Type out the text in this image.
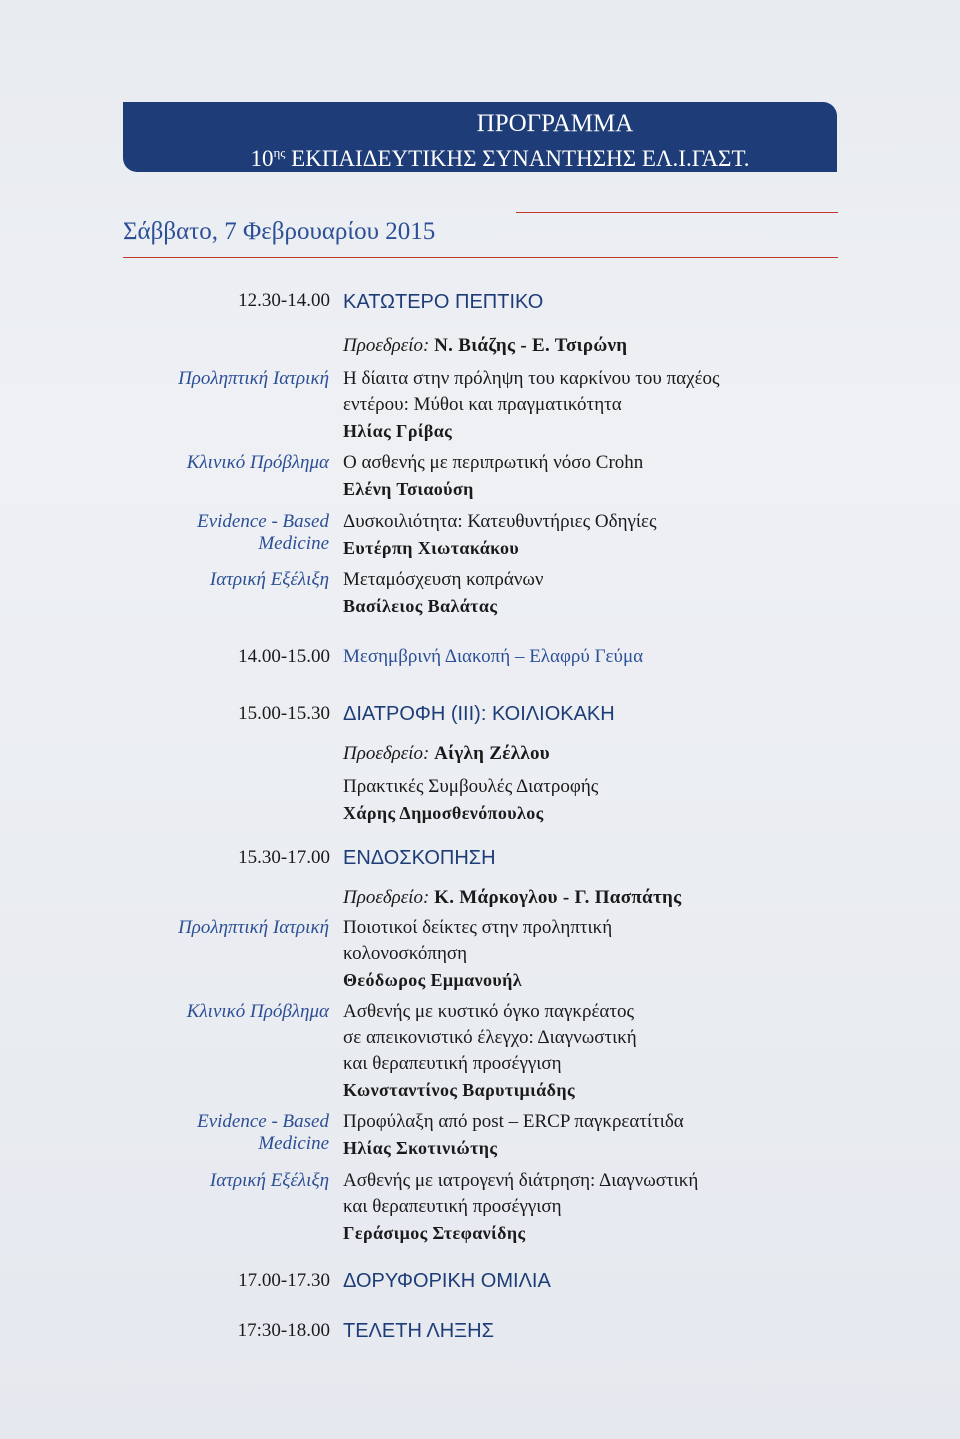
ΠΡΟΓΡΑΜΜΑ
$10^{\eta\varsigma}$ ΕΚΠΑΙΔΕΥΤΙΚΗΣ ΣΥΝΑΝΤΗΣΗΣ ΕΛ.Ι.ΓΑΣΤ.
Σάββατο, 7 Φεβρουαρίου 2015
12.30-14.00 ΚΑΤΩΤΕΡΟ ΠΕΠΤΙΚΟ
Προεδρείο: Ν. Βιάζης - Ε. Τσιρώνη
Προληπτική Ιατρική Η δίαιτα στην πρόληψη του καρκίνου του παχέος
εντέρου: Μύθοι και πραγματικότητα
Ηλίας Γρίβας
Κλινικό Πρόβλημα Ο ασθενής με περιπρωτική νόσο Crohn
Ελένη Τσιαούση
Evidence - Based
Medicine
Δυσκοιλιότητα: Κατευθυντήριες Οδηγίες
Ευτέρπη Χιωτακάκου
Ιατρική Εξέλιξη Μεταμόσχευση κοπράνων
Βασίλειος Βαλάτας
14.00-15.00 Μεσημβρινή Διακοπή – Ελαφρύ Γεύμα
15.00-15.30 ΔΙΑΤΡΟΦΗ (ΙΙΙ): ΚΟΙΛΙΟΚΑΚΗ
Προεδρείο: Αίγλη Ζέλλου
Πρακτικές Συμβουλές Διατροφής
Χάρης Δημοσθενόπουλος
15.30-17.00 ΕΝΔΟΣΚΟΠΗΣΗ
Προεδρείο: Κ. Μάρκογλου - Γ. Πασπάτης
Προληπτική Ιατρική Ποιοτικοί δείκτες στην προληπτική
κολονοσκόπηση
Θεόδωρος Εμμανουήλ
Κλινικό Πρόβλημα Ασθενής με κυστικό όγκο παγκρέατος
σε απεικονιστικό έλεγχο: Διαγνωστική
και θεραπευτική προσέγγιση
Κωνσταντίνος Βαρυτιμιάδης
Evidence - Based
Medicine
Προφύλαξη από post – ERCP παγκρεατίτιδα
Ηλίας Σκοτινιώτης
Ιατρική Εξέλιξη Ασθενής με ιατρογενή διάτρηση: Διαγνωστική
και θεραπευτική προσέγγιση
Γεράσιμος Στεφανίδης
17.00-17.30 ΔΟΡΥΦΟΡΙΚΗ ΟΜΙΛΙΑ
17:30-18.00 ΤΕΛΕΤΗ ΛΗΞΗΣ
